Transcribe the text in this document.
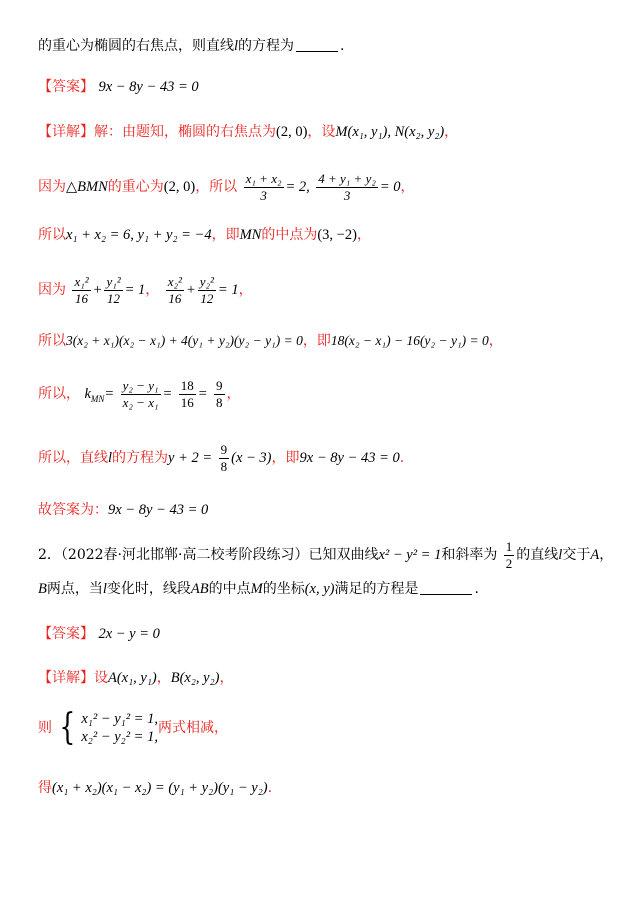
的重心为椭圆的右焦点，则直线l的方程为	.
【答案】 9x − 8y − 43 = 0
【详解】解：由题知，椭圆的右焦点为(2, 0)，设M(x₁, y₁), N(x₂, y₂)，
因为△BMN的重心为(2, 0)，所以 $\frac{\text{x₁ + x₂}}{3} = 2$, $\frac{\text{4 + y₁ + y₂}}{3} = 0$，
所以x₁ + x₂ = 6, y₁ + y₂ = −4，即MN的中点为(3, −2)，
因为 $\frac{\text{x₁²}}{16} + \frac{\text{y₁²}}{12} = 1$， $\frac{\text{x₂²}}{16} + \frac{\text{y₂²}}{12} = 1$，
所以3(x₂ + x₁)(x₂ − x₁) + 4(y₁ + y₂)(y₂ − y₁) = 0，即18(x₂ − x₁) − 16(y₂ − y₁) = 0，
所以， $k_{MN}= \frac{\text{y₂ − y₁}}{\text{x₂ − x₁}} = \frac{18}{16} = \frac{9}{8}$ ，
所以，直线l的方程为$y + 2 = \frac{9}{8} (x - 3)$，即9x − 8y − 43 = 0.
故答案为：9x − 8y − 43 = 0
2．（2022春·河北邯郸·高二校考阶段练习）已知双曲线x² − y² = 1和斜率为 $\frac{1}{2}$ 的直线l交于A，
B两点，当l变化时，线段AB的中点M的坐标(x, y)满足的方程是	.
【答案】 2x − y = 0
【详解】设A(x₁, y₁)，B(x₂, y₂)，
则 { x₁² − y₁² = 1,
x₂² − y₂² = 1,
两式相减，
得(x₁ + x₂)(x₁ − x₂) = (y₁ + y₂)(y₁ − y₂).
